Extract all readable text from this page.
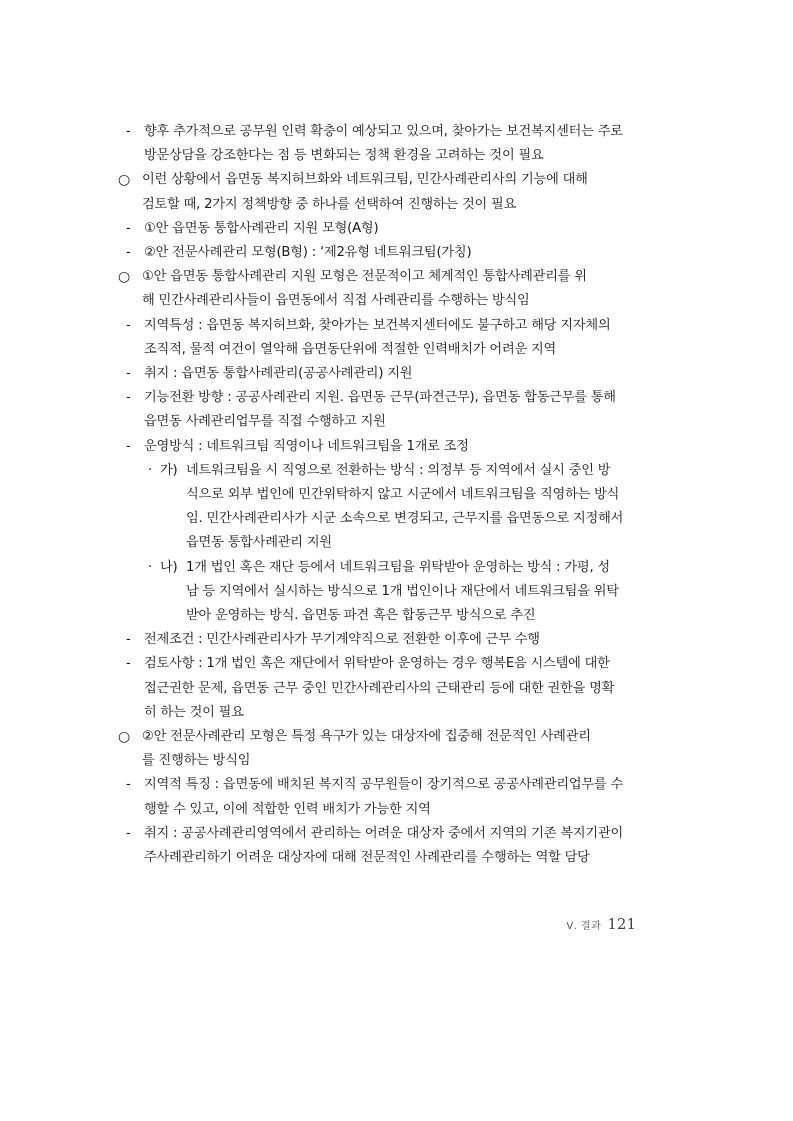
- 향후 추가적으로 공무원 인력 확충이 예상되고 있으며, 찾아가는 보건복지센터는 주로
방문상담을 강조한다는 점 등 변화되는 정책 환경을 고려하는 것이 필요
○ 이런 상황에서 읍면동 복지허브화와 네트워크팀, 민간사례관리사의 기능에 대해
검토할 때, 2가지 정책방향 중 하나를 선택하여 진행하는 것이 필요
- ①안 읍면동 통합사례관리 지원 모형(A형)
- ②안 전문사례관리 모형(B형) : ‘제2유형 네트워크팀(가칭)
○ ①안 읍면동 통합사례관리 지원 모형은 전문적이고 체계적인 통합사례관리를 위
해 민간사례관리사들이 읍면동에서 직접 사례관리를 수행하는 방식임
- 지역특성 : 읍면동 복지허브화, 찾아가는 보건복지센터에도 불구하고 해당 지자체의
조직적, 물적 여건이 열악해 읍면동단위에 적절한 인력배치가 어려운 지역
- 취지 : 읍면동 통합사례관리(공공사례관리) 지원
- 기능전환 방향 : 공공사례관리 지원. 읍면동 근무(파견근무), 읍면동 합동근무를 통해
읍면동 사례관리업무를 직접 수행하고 지원
- 운영방식 : 네트워크팀 직영이나 네트워크팀을 1개로 조정
· 가) 네트워크팀을 시 직영으로 전환하는 방식 : 의정부 등 지역에서 실시 중인 방
식으로 외부 법인에 민간위탁하지 않고 시군에서 네트워크팀을 직영하는 방식
임. 민간사례관리사가 시군 소속으로 변경되고, 근무지를 읍면동으로 지정해서
읍면동 통합사례관리 지원
· 나) 1개 법인 혹은 재단 등에서 네트워크팀을 위탁받아 운영하는 방식 : 가평, 성
남 등 지역에서 실시하는 방식으로 1개 법인이나 재단에서 네트워크팀을 위탁
받아 운영하는 방식. 읍면동 파견 혹은 합동근무 방식으로 추진
- 전제조건 : 민간사례관리사가 무기계약직으로 전환한 이후에 근무 수행
- 검토사항 : 1개 법인 혹은 재단에서 위탁받아 운영하는 경우 행복E음 시스템에 대한
접근권한 문제, 읍면동 근무 중인 민간사례관리사의 근태관리 등에 대한 권한을 명확
히 하는 것이 필요
○ ②안 전문사례관리 모형은 특정 욕구가 있는 대상자에 집중해 전문적인 사례관리
를 진행하는 방식임
- 지역적 특징 : 읍면동에 배치된 복지직 공무원들이 장기적으로 공공사례관리업무를 수
행할 수 있고, 이에 적합한 인력 배치가 가능한 지역
- 취지 : 공공사례관리영역에서 관리하는 어려운 대상자 중에서 지역의 기존 복지기관이
주사례관리하기 어려운 대상자에 대해 전문적인 사례관리를 수행하는 역할 담당
Ⅴ. 결과 121
